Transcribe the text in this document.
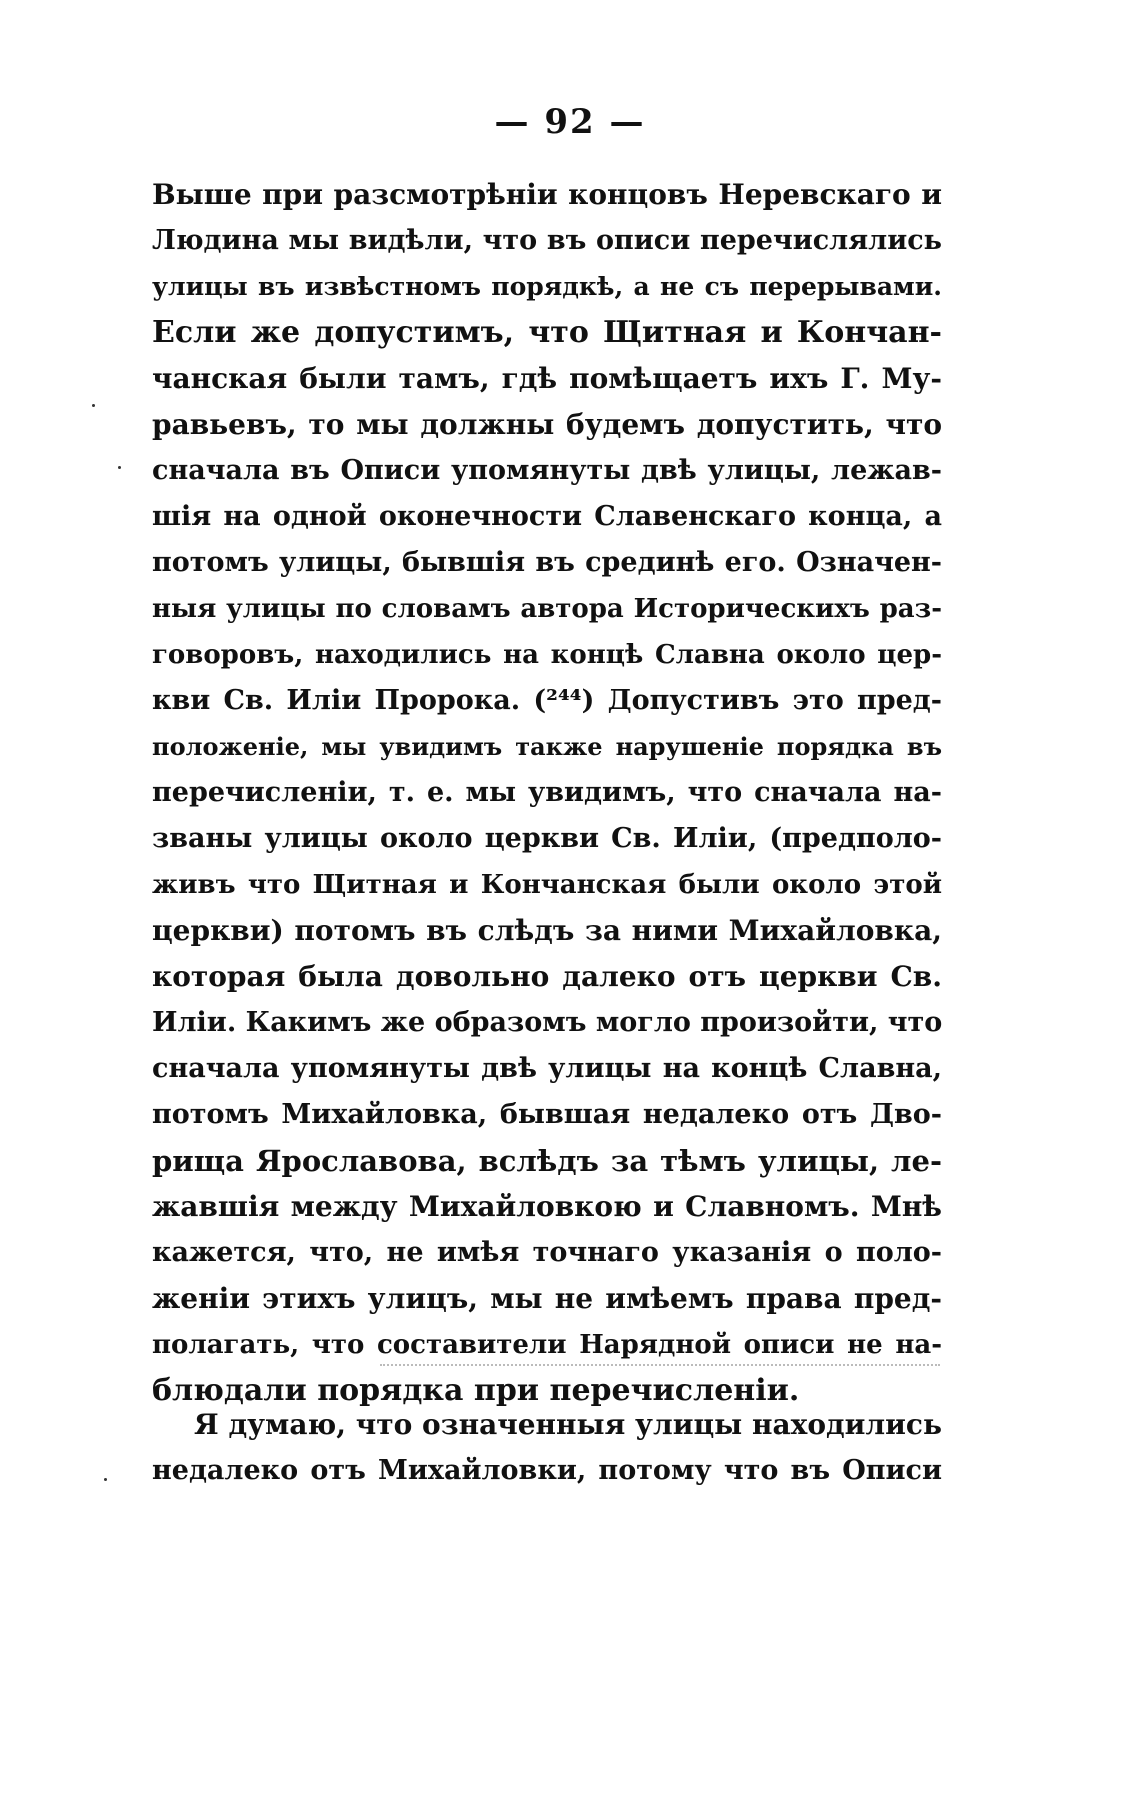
— 92 —
Выше при разсмотрѣніи концовъ Неревскаго и
Людина мы видѣли, что въ описи перечислялись
улицы въ извѣстномъ порядкѣ, а не съ перерывами.
Если же допустимъ, что Щитная и Кончан-
чанская были тамъ, гдѣ помѣщаетъ ихъ Г. Му-
равьевъ, то мы должны будемъ допустить, что
сначала въ Описи упомянуты двѣ улицы, лежав-
шія на одной оконечности Славенскаго конца, а
потомъ улицы, бывшія въ срединѣ его. Означен-
ныя улицы по словамъ автора Историческихъ раз-
говоровъ, находились на концѣ Славна около цер-
кви Св. Иліи Пророка. (²⁴⁴) Допустивъ это пред-
положеніе, мы увидимъ также нарушеніе порядка въ
перечисленіи, т. е. мы увидимъ, что сначала на-
званы улицы около церкви Св. Иліи, (предполо-
живъ что Щитная и Кончанская были около этой
церкви) потомъ въ слѣдъ за ними Михайловка,
которая была довольно далеко отъ церкви Св.
Иліи. Какимъ же образомъ могло произойти, что
сначала упомянуты двѣ улицы на концѣ Славна,
потомъ Михайловка, бывшая недалеко отъ Дво-
рища Ярославова, вслѣдъ за тѣмъ улицы, ле-
жавшія между Михайловкою и Славномъ. Мнѣ
кажется, что, не имѣя точнаго указанія о поло-
женіи этихъ улицъ, мы не имѣемъ права пред-
полагать, что составители Нарядной описи не на-
блюдали порядка при перечисленіи.
Я думаю, что означенныя улицы находились
недалеко отъ Михайловки, потому что въ Описи
